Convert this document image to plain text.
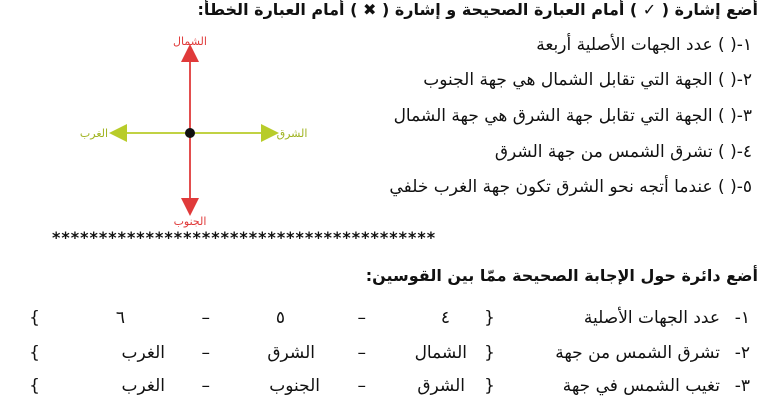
أضع إشارة ( ✓ ) أمام العبارة الصحيحة و إشارة ( ✖ ) أمام العبارة الخطأ:
١-( ) عدد الجهات الأصلية أربعة
٢-( ) الجهة التي تقابل الشمال هي جهة الجنوب
٣-( ) الجهة التي تقابل جهة الشرق هي جهة الشمال
٤-( ) تشرق الشمس من جهة الشرق
٥-( ) عندما أتجه نحو الشرق تكون جهة الغرب خلفي
الشمال
الجنوب
الشرق
الغرب
*****************************************
أضع دائرة حول الإجابة الصحيحة ممّا بين القوسين:
١-
عدد الجهات الأصلية
{
٤
–
٥
–
٦
}
٢-
تشرق الشمس من جهة
{
الشمال
–
الشرق
–
الغرب
}
٣-
تغيب الشمس في جهة
{
الشرق
–
الجنوب
–
الغرب
}
